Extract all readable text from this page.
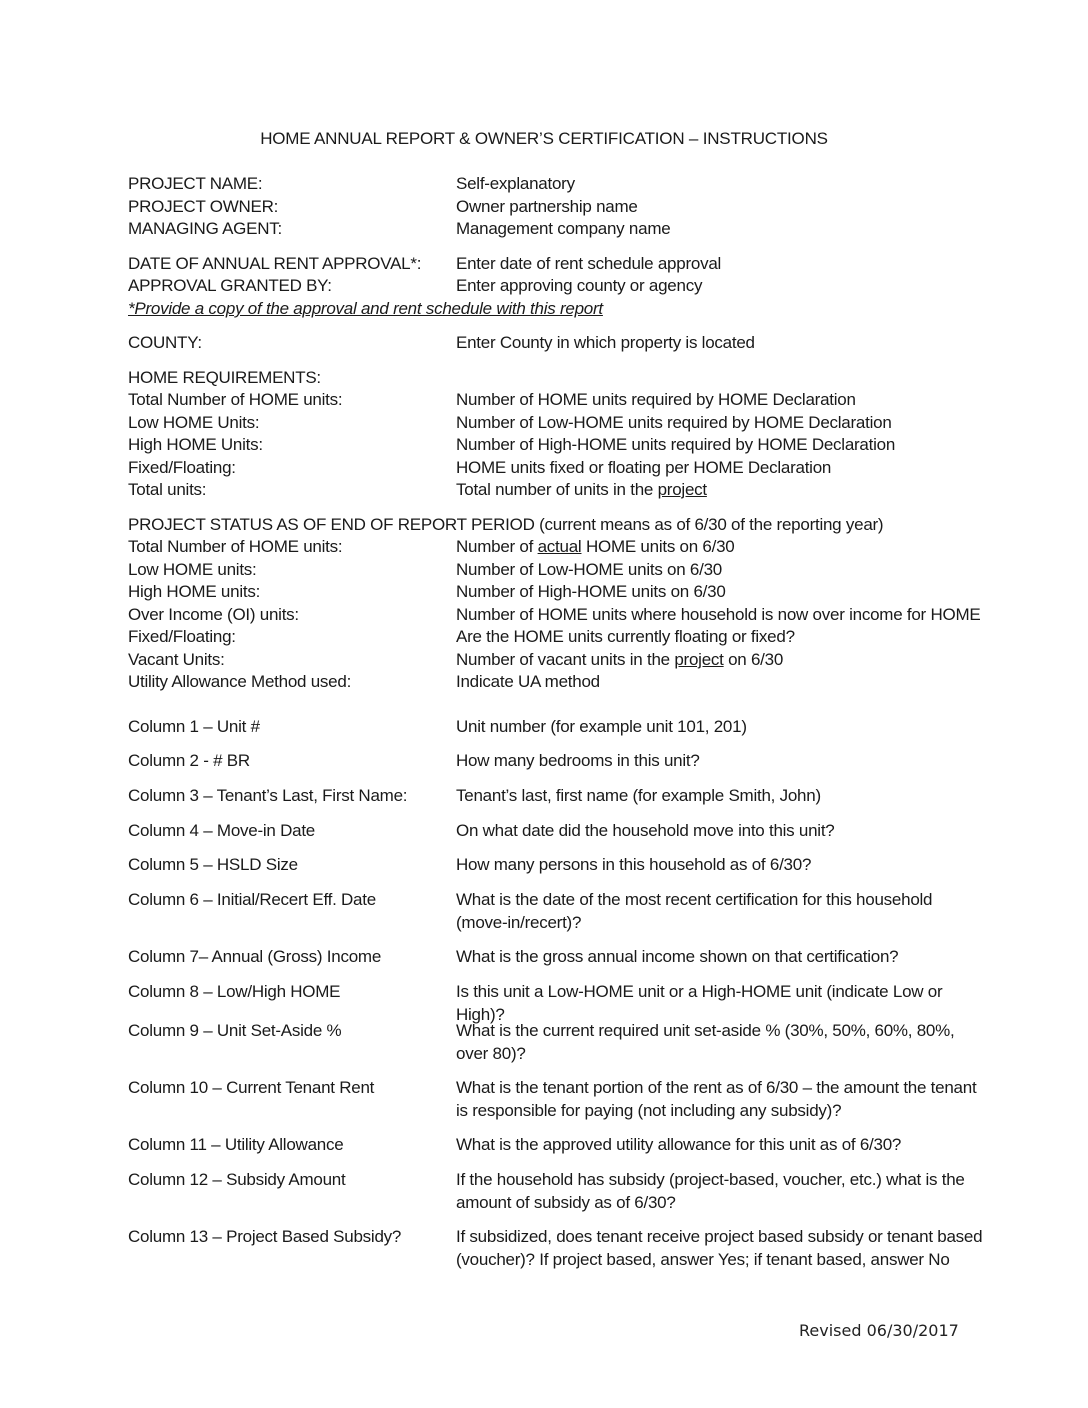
HOME ANNUAL REPORT & OWNER’S CERTIFICATION – INSTRUCTIONS
PROJECT NAME:	Self-explanatory
PROJECT OWNER:	Owner partnership name
MANAGING AGENT:	Management company name
DATE OF ANNUAL RENT APPROVAL*: Enter date of rent schedule approval
APPROVAL GRANTED BY:	Enter approving county or agency
*Provide a copy of the approval and rent schedule with this report
COUNTY:	Enter County in which property is located
HOME REQUIREMENTS:
Total Number of HOME units:	Number of HOME units required by HOME Declaration
Low HOME Units:	Number of Low-HOME units required by HOME Declaration
High HOME Units:	Number of High-HOME units required by HOME Declaration
Fixed/Floating:	HOME units fixed or floating per HOME Declaration
Total units:	Total number of units in the project
PROJECT STATUS AS OF END OF REPORT PERIOD (current means as of 6/30 of the reporting year)
Total Number of HOME units:	Number of actual HOME units on 6/30
Low HOME units:	Number of Low-HOME units on 6/30
High HOME units:	Number of High-HOME units on 6/30
Over Income (OI) units:	Number of HOME units where household is now over income for HOME
Fixed/Floating:	Are the HOME units currently floating or fixed?
Vacant Units:	Number of vacant units in the project on 6/30
Utility Allowance Method used:	Indicate UA method
Column 1 – Unit #	Unit number (for example unit 101, 201)
Column 2 - # BR	How many bedrooms in this unit?
Column 3 – Tenant’s Last, First Name:	Tenant’s last, first name (for example Smith, John)
Column 4 – Move-in Date	On what date did the household move into this unit?
Column 5 – HSLD Size	How many persons in this household as of 6/30?
Column 6 – Initial/Recert Eff. Date	What is the date of the most recent certification for this household (move-in/recert)?
Column 7– Annual (Gross) Income	What is the gross annual income shown on that certification?
Column 8 – Low/High HOME	Is this unit a Low-HOME unit or a High-HOME unit (indicate Low or High)?
Column 9 – Unit Set-Aside %	What is the current required unit set-aside % (30%, 50%, 60%, 80%, over 80)?
Column 10 – Current Tenant Rent	What is the tenant portion of the rent as of 6/30 – the amount the tenant is responsible for paying (not including any subsidy)?
Column 11 – Utility Allowance	What is the approved utility allowance for this unit as of 6/30?
Column 12 – Subsidy Amount	If the household has subsidy (project-based, voucher, etc.) what is the amount of subsidy as of 6/30?
Column 13 – Project Based Subsidy?	If subsidized, does tenant receive project based subsidy or tenant based (voucher)? If project based, answer Yes; if tenant based, answer No
Revised 06/30/2017
